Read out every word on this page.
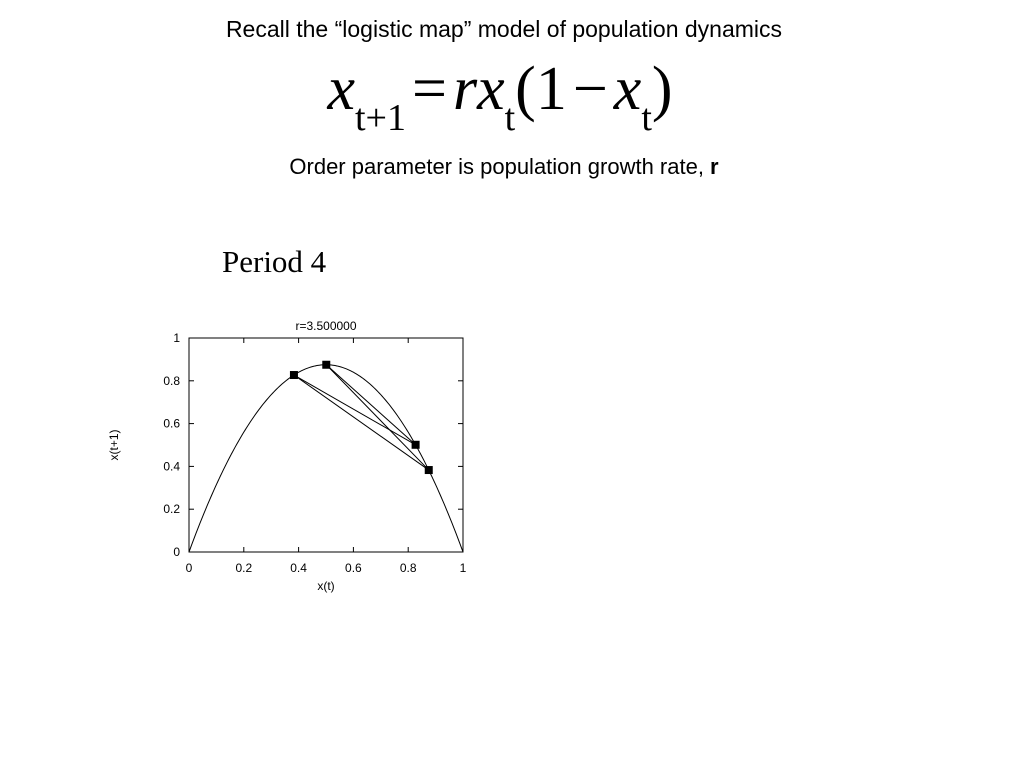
Recall the “logistic map” model of population dynamics
$x_{t+1}=rx_t(1-x_t)$
Order parameter is population growth rate, r
Period 4
r=3.500000
x(t)
x(t+1)
0	0.2	0.4	0.6	0.8	1
0
0.2
0.4
0.6
0.8
1
